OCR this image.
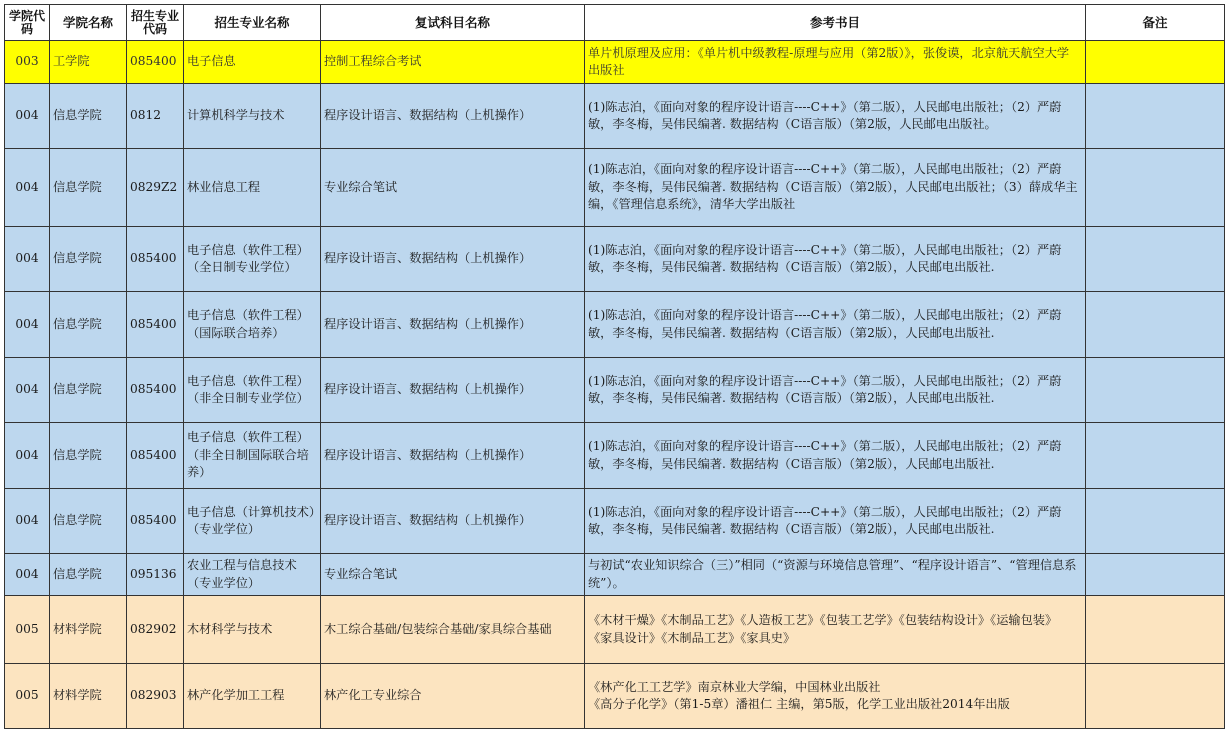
学院代码	学院名称	招生专业代码	招生专业名称	复试科目名称	参考书目	备注
003	工学院	085400	电子信息	控制工程综合考试	单片机原理及应用：《单片机中级教程-原理与应用（第2版）》，张俊谟，北京航天航空大学出版社	
004	信息学院	0812	计算机科学与技术	程序设计语言、数据结构（上机操作）	(1)陈志泊，《面向对象的程序设计语言----C++》（第二版），人民邮电出版社；（2）严蔚敏，李冬梅，吴伟民编著. 数据结构（C语言版）（第2版，人民邮电出版社。	
004	信息学院	0829Z2	林业信息工程	专业综合笔试	(1)陈志泊，《面向对象的程序设计语言----C++》（第二版），人民邮电出版社；（2）严蔚敏，李冬梅，吴伟民编著. 数据结构（C语言版）（第2版），人民邮电出版社；（3）薛成华主编，《管理信息系统》，清华大学出版社	
004	信息学院	085400	电子信息（软件工程）（全日制专业学位）	程序设计语言、数据结构（上机操作）	(1)陈志泊，《面向对象的程序设计语言----C++》（第二版），人民邮电出版社；（2）严蔚敏，李冬梅，吴伟民编著. 数据结构（C语言版）（第2版），人民邮电出版社.	
004	信息学院	085400	电子信息（软件工程）（国际联合培养）	程序设计语言、数据结构（上机操作）	(1)陈志泊，《面向对象的程序设计语言----C++》（第二版），人民邮电出版社；（2）严蔚敏，李冬梅，吴伟民编著. 数据结构（C语言版）（第2版），人民邮电出版社.	
004	信息学院	085400	电子信息（软件工程）（非全日制专业学位）	程序设计语言、数据结构（上机操作）	(1)陈志泊，《面向对象的程序设计语言----C++》（第二版），人民邮电出版社；（2）严蔚敏，李冬梅，吴伟民编著. 数据结构（C语言版）（第2版），人民邮电出版社.	
004	信息学院	085400	电子信息（软件工程）（非全日制国际联合培养）	程序设计语言、数据结构（上机操作）	(1)陈志泊，《面向对象的程序设计语言----C++》（第二版），人民邮电出版社；（2）严蔚敏，李冬梅，吴伟民编著. 数据结构（C语言版）（第2版），人民邮电出版社.	
004	信息学院	085400	电子信息（计算机技术）（专业学位）	程序设计语言、数据结构（上机操作）	(1)陈志泊，《面向对象的程序设计语言----C++》（第二版），人民邮电出版社；（2）严蔚敏，李冬梅，吴伟民编著. 数据结构（C语言版）（第2版），人民邮电出版社.	
004	信息学院	095136	农业工程与信息技术（专业学位）	专业综合笔试	与初试“农业知识综合（三）”相同（“资源与环境信息管理”、“程序设计语言”、“管理信息系统”）。	
005	材料学院	082902	木材科学与技术	木工综合基础/包装综合基础/家具综合基础	《木材干燥》《木制品工艺》《人造板工艺》《包装工艺学》《包装结构设计》《运输包装》
《家具设计》《木制品工艺》《家具史》	
005	材料学院	082903	林产化学加工工程	林产化工专业综合	《林产化工工艺学》南京林业大学编，中国林业出版社
《高分子化学》（第1-5章）潘祖仁 主编，第5版，化学工业出版社2014年出版	
